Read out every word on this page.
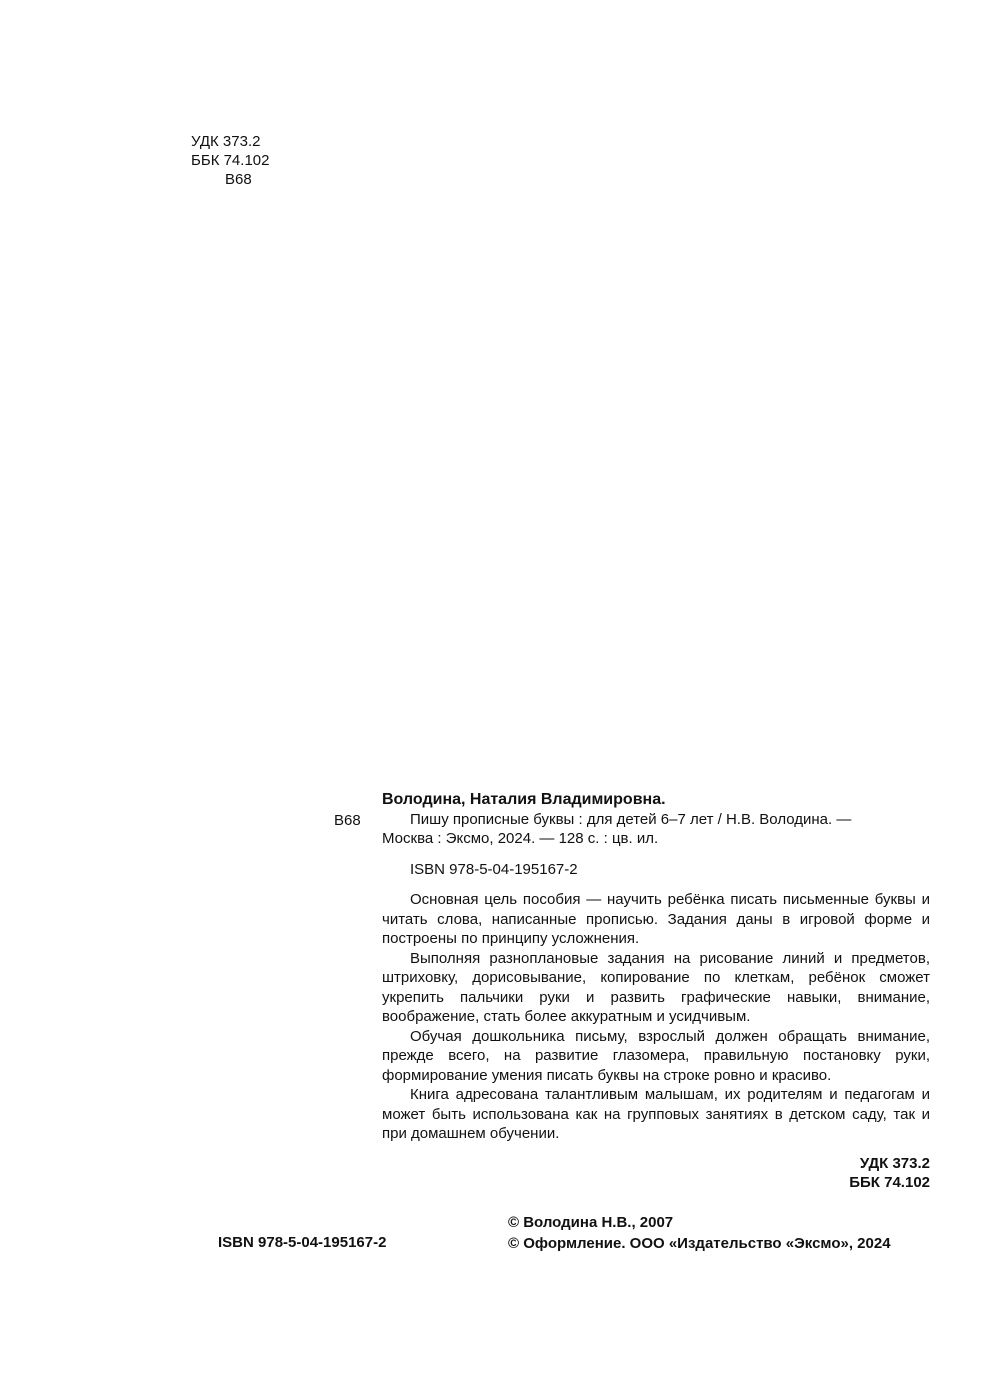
УДК 373.2
ББК 74.102
В68
В68
Володина, Наталия Владимировна.
Пишу прописные буквы : для детей 6–7 лет / Н.В. Володина. —
Москва : Эксмо, 2024. — 128 с. : цв. ил.
ISBN 978-5-04-195167-2

Основная цель пособия — научить ребёнка писать письменные буквы и читать слова, написанные прописью. Задания даны в игровой форме и построены по принципу усложнения.

Выполняя разноплановые задания на рисование линий и предметов, штриховку, дорисовывание, копирование по клеткам, ребёнок сможет укрепить пальчики руки и развить графические навыки, внимание, воображение, стать более аккуратным и усидчивым.

Обучая дошкольника письму, взрослый должен обращать внимание, прежде всего, на развитие глазомера, правильную постановку руки, формирование умения писать буквы на строке ровно и красиво.

Книга адресована талантливым малышам, их родителям и педагогам и может быть использована как на групповых занятиях в детском саду, так и при домашнем обучении.

УДК 373.2
ББК 74.102
ISBN 978-5-04-195167-2
© Володина Н.В., 2007
© Оформление. ООО «Издательство «Эксмо», 2024
